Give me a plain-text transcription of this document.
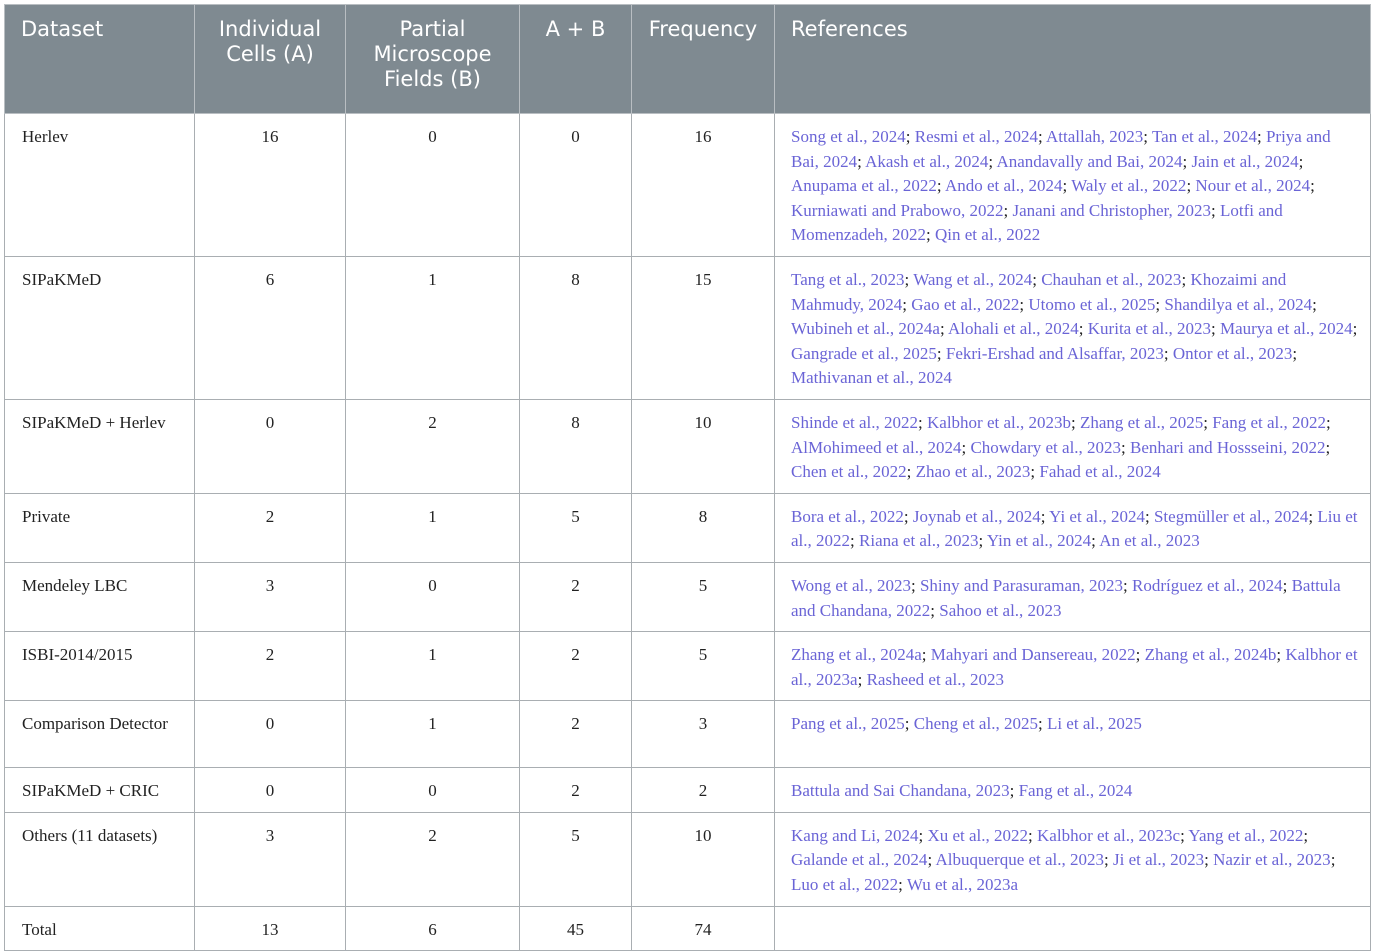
Dataset	Individual Cells (A)	Partial Microscope Fields (B)	A + B	Frequency	References
Herlev	16	0	0	16	Song et al., 2024; Resmi et al., 2024; Attallah, 2023; Tan et al., 2024; Priya and Bai, 2024; Akash et al., 2024; Anandavally and Bai, 2024; Jain et al., 2024; Anupama et al., 2022; Ando et al., 2024; Waly et al., 2022; Nour et al., 2024; Kurniawati and Prabowo, 2022; Janani and Christopher, 2023; Lotfi and Momenzadeh, 2022; Qin et al., 2022
SIPaKMeD	6	1	8	15	Tang et al., 2023; Wang et al., 2024; Chauhan et al., 2023; Khozaimi and Mahmudy, 2024; Gao et al., 2022; Utomo et al., 2025; Shandilya et al., 2024; Wubineh et al., 2024a; Alohali et al., 2024; Kurita et al., 2023; Maurya et al., 2024; Gangrade et al., 2025; Fekri-Ershad and Alsaffar, 2023; Ontor et al., 2023; Mathivanan et al., 2024
SIPaKMeD + Herlev	0	2	8	10	Shinde et al., 2022; Kalbhor et al., 2023b; Zhang et al., 2025; Fang et al., 2022; AlMohimeed et al., 2024; Chowdary et al., 2023; Benhari and Hossseini, 2022; Chen et al., 2022; Zhao et al., 2023; Fahad et al., 2024
Private	2	1	5	8	Bora et al., 2022; Joynab et al., 2024; Yi et al., 2024; Stegmüller et al., 2024; Liu et al., 2022; Riana et al., 2023; Yin et al., 2024; An et al., 2023
Mendeley LBC	3	0	2	5	Wong et al., 2023; Shiny and Parasuraman, 2023; Rodríguez et al., 2024; Battula and Chandana, 2022; Sahoo et al., 2023
ISBI-2014/2015	2	1	2	5	Zhang et al., 2024a; Mahyari and Dansereau, 2022; Zhang et al., 2024b; Kalbhor et al., 2023a; Rasheed et al., 2023
Comparison Detector	0	1	2	3	Pang et al., 2025; Cheng et al., 2025; Li et al., 2025
SIPaKMeD + CRIC	0	0	2	2	Battula and Sai Chandana, 2023; Fang et al., 2024
Others (11 datasets)	3	2	5	10	Kang and Li, 2024; Xu et al., 2022; Kalbhor et al., 2023c; Yang et al., 2022; Galande et al., 2024; Albuquerque et al., 2023; Ji et al., 2023; Nazir et al., 2023; Luo et al., 2022; Wu et al., 2023a
Total	13	6	45	74	
